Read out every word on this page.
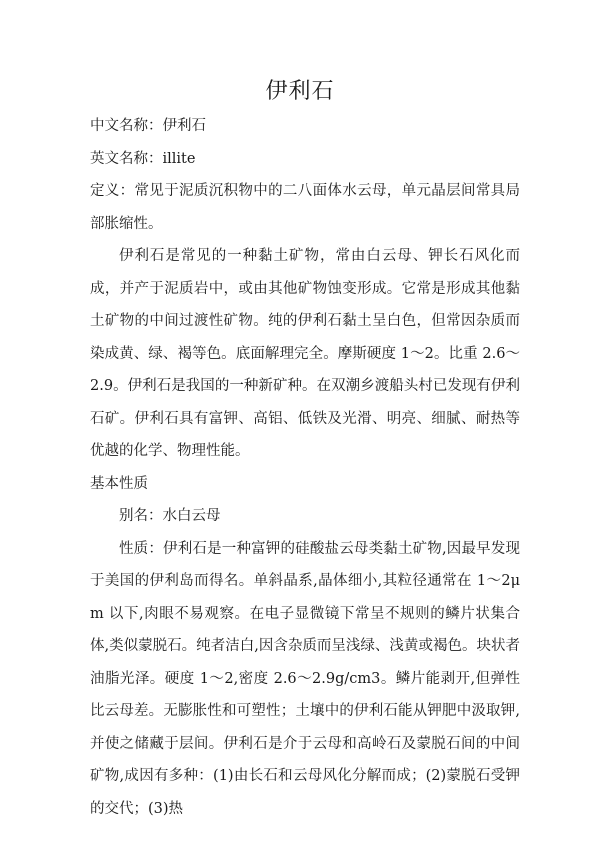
伊利石

中文名称：伊利石

英文名称：illite

定义：常见于泥质沉积物中的二八面体水云母，单元晶层间常具局部胀缩性。

伊利石是常见的一种黏土矿物，常由白云母、钾长石风化而成，并产于泥质岩中，或由其他矿物蚀变形成。它常是形成其他黏土矿物的中间过渡性矿物。纯的伊利石黏土呈白色，但常因杂质而染成黄、绿、褐等色。底面解理完全。摩斯硬度 1～2。比重 2.6～2.9。伊利石是我国的一种新矿种。在双潮乡渡船头村已发现有伊利石矿。伊利石具有富钾、高铝、低铁及光滑、明亮、细腻、耐热等优越的化学、物理性能。

基本性质

别名：水白云母

性质：伊利石是一种富钾的硅酸盐云母类黏土矿物,因最早发现于美国的伊利岛而得名。单斜晶系,晶体细小,其粒径通常在 1～2μm 以下,肉眼不易观察。在电子显微镜下常呈不规则的鳞片状集合体,类似蒙脱石。纯者洁白,因含杂质而呈浅绿、浅黄或褐色。块状者油脂光泽。硬度 1～2,密度 2.6～2.9g/cm3。鳞片能剥开,但弹性比云母差。无膨胀性和可塑性；土壤中的伊利石能从钾肥中汲取钾,并使之储藏于层间。伊利石是介于云母和高岭石及蒙脱石间的中间矿物,成因有多种：(1)由长石和云母风化分解而成；(2)蒙脱石受钾的交代；(3)热
